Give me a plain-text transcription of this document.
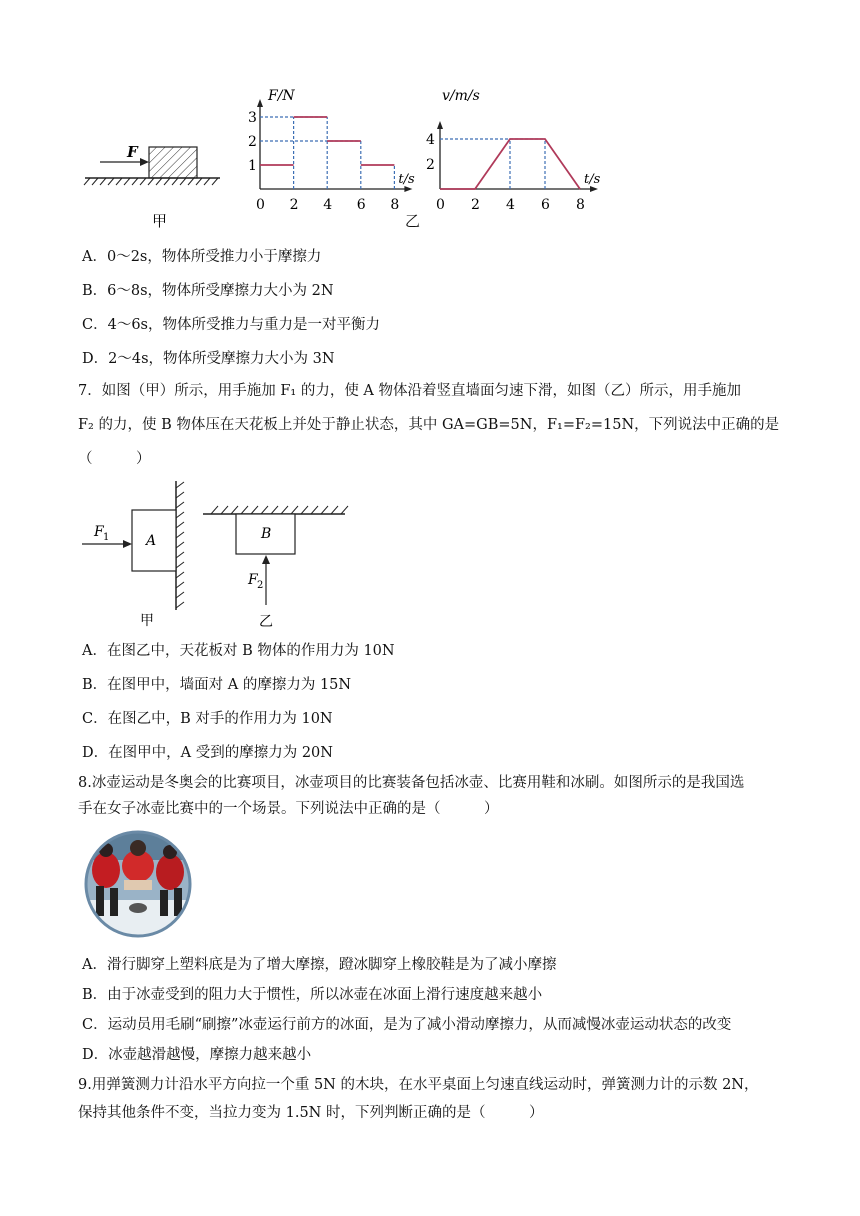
F
甲
0 2 4 6 8
1
2
3
F/N
t/s
0 2 4 6 8
2
4
v/m/s
t/s
乙
A．0～2s，物体所受推力小于摩擦力
B．6～8s，物体所受摩擦力大小为 2N
C．4～6s，物体所受推力与重力是一对平衡力
D．2～4s，物体所受摩擦力大小为 3N
7．如图（甲）所示，用手施加 F₁ 的力，使 A 物体沿着竖直墙面匀速下滑，如图（乙）所示，用手施加
F₂ 的力，使 B 物体压在天花板上并处于静止状态，其中 GA=GB=5N，F₁=F₂=15N，下列说法中正确的是
（　　　）
A
F 1
甲
B
F 2
乙
A．在图乙中，天花板对 B 物体的作用力为 10N
B．在图甲中，墙面对 A 的摩擦力为 15N
C．在图乙中，B 对手的作用力为 10N
D．在图甲中，A 受到的摩擦力为 20N
8.冰壶运动是冬奥会的比赛项目，冰壶项目的比赛装备包括冰壶、比赛用鞋和冰刷。如图所示的是我国选
手在女子冰壶比赛中的一个场景。下列说法中正确的是（　　　）
A．滑行脚穿上塑料底是为了增大摩擦，蹬冰脚穿上橡胶鞋是为了减小摩擦
B．由于冰壶受到的阻力大于惯性，所以冰壶在冰面上滑行速度越来越小
C．运动员用毛刷“刷擦”冰壶运行前方的冰面，是为了减小滑动摩擦力，从而减慢冰壶运动状态的改变
D．冰壶越滑越慢，摩擦力越来越小
9.用弹簧测力计沿水平方向拉一个重 5N 的木块，在水平桌面上匀速直线运动时，弹簧测力计的示数 2N，
保持其他条件不变，当拉力变为 1.5N 时，下列判断正确的是（　　　）
